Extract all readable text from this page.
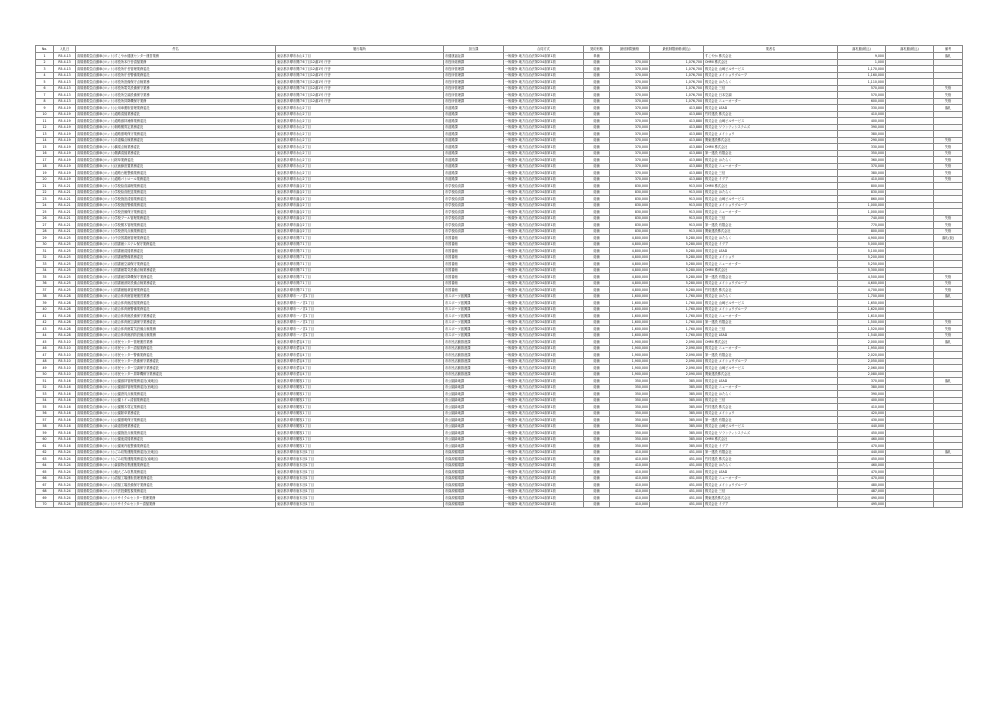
No.	入札日	件名	履行場所	担当課	合同方式	契約形態	最低制限価格	最低制限価格(税込)	業者名	落札額(税込)	落札額(税込)	備考
1	R5.4.13	高規格救急自動車(ヨット)すこやか健康センター運営業務	東京都多摩市永山1丁目	市健康福祉課	一般競争 地方自治法第234条第1項	単価			すこやか 株式会社	9,000		落札
2	R5.4.13	高規格救急自動車(ヨット)市役所本庁舎清掃業務	東京都多摩市関戸6丁目12番1号 庁舎	市役所総務課	一般競争 地方自治法第234条第1項	総価	370,000	1,076,700	OHMI 株式会社	1,000		
3	R5.4.13	高規格救急自動車(ヨット)市役所庁舎管理業務委託	東京都多摩市関戸6丁目12番1号 庁舎	市役所管理課	一般競争 地方自治法第234条第1項	総価	370,000	1,076,700	株式会社 山崎ビルサービス	1,170,000		
4	R5.4.13	高規格救急自動車(ヨット)市役所庁舎警備業務委託	東京都多摩市関戸6丁目12番1号 庁舎	市役所管理課	一般競争 地方自治法第234条第1項	総価	370,000	1,076,700	株式会社 メイショウグループ	1,160,000		
5	R5.4.13	高規格救急自動車(ヨット)市役所設備保守点検業務	東京都多摩市関戸6丁目12番1号 庁舎	市役所管理課	一般競争 地方自治法第234条第1項	総価	370,000	1,076,700	株式会社 はたらく	1,110,000		
6	R5.4.13	高規格救急自動車(ヨット)市役所電気設備保守業務	東京都多摩市関戸6丁目12番1号 庁舎	市役所管理課	一般競争 地方自治法第234条第1項	総価	370,000	1,076,700	株式会社 三信	570,000		失格
7	R5.4.13	高規格救急自動車(ヨット)市役所空調設備保守業務	東京都多摩市関戸6丁目12番1号 庁舎	市役所管理課	一般競争 地方自治法第234条第1項	総価	370,000	1,076,700	株式会社 日本空調	570,000		失格
8	R5.4.13	高規格救急自動車(ヨット)市役所昇降機保守業務	東京都多摩市関戸6丁目12番1号 庁舎	市役所管理課	一般競争 地方自治法第234条第1項	総価	370,000	1,076,700	株式会社 ニューオーター	600,000		失格
9	R5.4.19	高規格救急自動車(ヨット)公用車運転管理業務委託	東京都多摩市永山2丁目	市道路課	一般競争 地方自治法第234条第1項	総価	370,000	413,880	株式会社 LEAD	330,000		落札
10	R5.4.19	高規格救急自動車(ヨット)道路清掃業務委託	東京都多摩市永山2丁目	市道路課	一般競争 地方自治法第234条第1項	総価	370,000	413,880	竹村建設 株式会社	410,000		
11	R5.4.19	高規格救急自動車(ヨット)道路維持補修業務委託	東京都多摩市永山2丁目	市道路課	一般競争 地方自治法第234条第1項	総価	370,000	413,880	株式会社 山崎ビルサービス	400,000		
12	R5.4.19	高規格救急自動車(ヨット)街路樹剪定業務委託	東京都多摩市永山2丁目	市道路課	一般競争 地方自治法第234条第1項	総価	370,000	413,880	株式会社 ワランティシステムズ	390,000		
13	R5.4.19	高規格救急自動車(ヨット)道路照明保守業務委託	東京都多摩市永山2丁目	市道路課	一般競争 地方自治法第234条第1項	総価	370,000	413,880	株式会社 メイショウ	380,000		
14	R5.4.19	高規格救急自動車(ヨット)歩道橋点検業務委託	東京都多摩市永山2丁目	市道路課	一般競争 地方自治法第234条第1項	総価	370,000	413,880	関東建設株式会社	290,000		失格
15	R5.4.19	高規格救急自動車(ヨット)橋梁点検業務委託	東京都多摩市永山2丁目	市道路課	一般競争 地方自治法第234条第1項	総価	370,000	413,880	OHMI 株式会社	330,000		失格
16	R5.4.19	高規格救急自動車(ヨット)側溝清掃業務委託	東京都多摩市永山2丁目	市道路課	一般競争 地方自治法第234条第1項	総価	370,000	413,880	第一建設 有限会社	350,000		失格
17	R5.4.19	高規格救急自動車(ヨット)除草業務委託	東京都多摩市永山2丁目	市道路課	一般競争 地方自治法第234条第1項	総価	370,000	413,880	株式会社 はたらく	360,000		失格
18	R5.4.19	高規格救急自動車(ヨット)区画線設置業務委託	東京都多摩市永山2丁目	市道路課	一般競争 地方自治法第234条第1項	総価	370,000	413,880	株式会社 ニューオーター	370,000		失格
19	R5.4.19	高規格救急自動車(ヨット)道路台帳整備業務委託	東京都多摩市永山2丁目	市道路課	一般競争 地方自治法第234条第1項	総価	370,000	413,880	株式会社 三信	380,000		失格
20	R5.4.19	高規格救急自動車(ヨット)道路パトロール業務委託	東京都多摩市永山2丁目	市道路課	一般競争 地方自治法第234条第1項	総価	370,000	413,880	株式会社 イデア	410,000		失格
21	R5.4.21	高規格救急自動車(ヨット)学校給食調理業務委託	東京都多摩市落合2丁目	市学校給食課	一般競争 地方自治法第234条第1項	総価	830,000	913,000	OHMI 株式会社	800,000		
22	R5.4.21	高規格救急自動車(ヨット)学校給食配送業務委託	東京都多摩市落合2丁目	市学校給食課	一般競争 地方自治法第234条第1項	総価	830,000	913,000	株式会社 はたらく	830,000		
23	R5.4.21	高規格救急自動車(ヨット)学校施設清掃業務委託	東京都多摩市落合2丁目	市学校給食課	一般競争 地方自治法第234条第1項	総価	830,000	913,000	株式会社 山崎ビルサービス	860,000		
24	R5.4.21	高規格救急自動車(ヨット)学校施設警備業務委託	東京都多摩市落合2丁目	市学校給食課	一般競争 地方自治法第234条第1項	総価	830,000	913,000	株式会社 メイショウグループ	1,000,000		
25	R5.4.21	高規格救急自動車(ヨット)学校設備保守業務委託	東京都多摩市落合2丁目	市学校給食課	一般競争 地方自治法第234条第1項	総価	830,000	913,000	株式会社 ニューオーター	1,000,000		
26	R5.4.21	高規格救急自動車(ヨット)学校プール管理業務委託	東京都多摩市落合2丁目	市学校給食課	一般競争 地方自治法第234条第1項	総価	830,000	913,000	株式会社 三信	740,000		失格
27	R5.4.21	高規格救急自動車(ヨット)学校樹木管理業務委託	東京都多摩市落合2丁目	市学校給食課	一般競争 地方自治法第234条第1項	総価	830,000	913,000	第一建設 有限会社	770,000		失格
28	R5.4.21	高規格救急自動車(ヨット)学校遊具点検業務委託	東京都多摩市落合2丁目	市学校給食課	一般競争 地方自治法第234条第1項	総価	830,000	913,000	関東建設株式会社	800,000		失格
29	R5.4.25	高規格救急自動車(ヨット)中央図書館管理業務委託	東京都多摩市関戸1丁目	市図書館	一般競争 地方自治法第234条第1項	総価	4,800,000	5,280,000	株式会社 はたらく	4,900,000		落札(仮)
30	R5.4.25	高規格救急自動車(ヨット)図書館システム保守業務委託	東京都多摩市関戸1丁目	市図書館	一般競争 地方自治法第234条第1項	総価	4,800,000	5,280,000	株式会社 イデア	5,000,000		
31	R5.4.25	高規格救急自動車(ヨット)図書館清掃業務委託	東京都多摩市関戸1丁目	市図書館	一般競争 地方自治法第234条第1項	総価	4,800,000	5,280,000	株式会社 LEAD	5,100,000		
32	R5.4.25	高規格救急自動車(ヨット)図書館警備業務委託	東京都多摩市関戸1丁目	市図書館	一般競争 地方自治法第234条第1項	総価	4,800,000	5,280,000	株式会社 メイショウ	5,200,000		
33	R5.4.25	高規格救急自動車(ヨット)図書館空調保守業務委託	東京都多摩市関戸1丁目	市図書館	一般競争 地方自治法第234条第1項	総価	4,800,000	5,280,000	株式会社 ニューオーター	5,250,000		
34	R5.4.25	高規格救急自動車(ヨット)図書館電気設備点検業務委託	東京都多摩市関戸1丁目	市図書館	一般競争 地方自治法第234条第1項	総価	4,800,000	5,280,000	OHMI 株式会社	5,300,000		
35	R5.4.25	高規格救急自動車(ヨット)図書館昇降機保守業務委託	東京都多摩市関戸1丁目	市図書館	一般競争 地方自治法第234条第1項	総価	4,800,000	5,280,000	第一建設 有限会社	4,500,000		失格
36	R5.4.25	高規格救急自動車(ヨット)図書館消防設備点検業務委託	東京都多摩市関戸1丁目	市図書館	一般競争 地方自治法第234条第1項	総価	4,800,000	5,280,000	株式会社 メイショウグループ	4,600,000		失格
37	R5.4.25	高規格救急自動車(ヨット)図書館植栽管理業務委託	東京都多摩市関戸1丁目	市図書館	一般競争 地方自治法第234条第1項	総価	4,800,000	5,280,000	竹村建設 株式会社	4,700,000		失格
38	R5.4.28	高規格救急自動車(ヨット)総合体育館管理運営業務	東京都多摩市一ノ宮1丁目	市スポーツ振興課	一般競争 地方自治法第234条第1項	総価	1,600,000	1,760,000	株式会社 はたらく	1,700,000		落札
39	R5.4.28	高規格救急自動車(ヨット)総合体育館清掃業務委託	東京都多摩市一ノ宮1丁目	市スポーツ振興課	一般競争 地方自治法第234条第1項	総価	1,600,000	1,760,000	株式会社 山崎ビルサービス	1,650,000		
40	R5.4.28	高規格救急自動車(ヨット)総合体育館警備業務委託	東京都多摩市一ノ宮1丁目	市スポーツ振興課	一般競争 地方自治法第234条第1項	総価	1,600,000	1,760,000	株式会社 メイショウグループ	1,620,000		
41	R5.4.28	高規格救急自動車(ヨット)総合体育館設備保守業務委託	東京都多摩市一ノ宮1丁目	市スポーツ振興課	一般競争 地方自治法第234条第1項	総価	1,600,000	1,760,000	株式会社 ニューオーター	1,610,000		
42	R5.4.28	高規格救急自動車(ヨット)総合体育館空調保守業務委託	東京都多摩市一ノ宮1丁目	市スポーツ振興課	一般競争 地方自治法第234条第1項	総価	1,600,000	1,760,000	第一建設 有限会社	1,500,000		失格
43	R5.4.28	高規格救急自動車(ヨット)総合体育館電気設備点検業務	東京都多摩市一ノ宮1丁目	市スポーツ振興課	一般競争 地方自治法第234条第1項	総価	1,600,000	1,760,000	株式会社 三信	1,520,000		失格
44	R5.4.28	高規格救急自動車(ヨット)総合体育館消防設備点検業務	東京都多摩市一ノ宮1丁目	市スポーツ振興課	一般競争 地方自治法第234条第1項	総価	1,600,000	1,760,000	株式会社 LEAD	1,540,000		失格
45	R5.5.10	高規格救急自動車(ヨット)市民センター管理運営業務	東京都多摩市愛宕4丁目	市市民活動推進課	一般競争 地方自治法第234条第1項	総価	1,900,000	2,090,000	OHMI 株式会社	2,000,000		落札
46	R5.5.10	高規格救急自動車(ヨット)市民センター清掃業務委託	東京都多摩市愛宕4丁目	市市民活動推進課	一般競争 地方自治法第234条第1項	総価	1,900,000	2,090,000	株式会社 ニューオーター	1,950,000		
47	R5.5.10	高規格救急自動車(ヨット)市民センター警備業務委託	東京都多摩市愛宕4丁目	市市民活動推進課	一般競争 地方自治法第234条第1項	総価	1,900,000	2,090,000	第一建設 有限会社	2,020,000		
48	R5.5.10	高規格救急自動車(ヨット)市民センター設備保守業務委託	東京都多摩市愛宕4丁目	市市民活動推進課	一般競争 地方自治法第234条第1項	総価	1,900,000	2,090,000	株式会社 メイショウグループ	2,050,000		
49	R5.5.10	高規格救急自動車(ヨット)市民センター空調保守業務委託	東京都多摩市愛宕4丁目	市市民活動推進課	一般競争 地方自治法第234条第1項	総価	1,900,000	2,090,000	株式会社 山崎ビルサービス	2,060,000		
50	R5.5.10	高規格救急自動車(ヨット)市民センター昇降機保守業務委託	東京都多摩市愛宕4丁目	市市民活動推進課	一般競争 地方自治法第234条第1項	総価	1,900,000	2,090,000	関東建設株式会社	2,080,000		
51	R5.5.16	高規格救急自動車(ヨット)公園維持管理業務委託(東地区)	東京都多摩市鶴牧1丁目	市公園緑地課	一般競争 地方自治法第234条第1項	総価	350,000	385,000	株式会社 LEAD	370,000		落札
52	R5.5.16	高規格救急自動車(ヨット)公園維持管理業務委託(西地区)	東京都多摩市鶴牧1丁目	市公園緑地課	一般競争 地方自治法第234条第1項	総価	350,000	385,000	株式会社 ニューオーター	380,000		
53	R5.5.16	高規格救急自動車(ヨット)公園遊具点検業務委託	東京都多摩市鶴牧1丁目	市公園緑地課	一般競争 地方自治法第234条第1項	総価	350,000	385,000	株式会社 はたらく	390,000		
54	R5.5.16	高規格救急自動車(ヨット)公園トイレ清掃業務委託	東京都多摩市鶴牧1丁目	市公園緑地課	一般競争 地方自治法第234条第1項	総価	350,000	385,000	株式会社 三信	400,000		
55	R5.5.16	高規格救急自動車(ヨット)公園樹木剪定業務委託	東京都多摩市鶴牧1丁目	市公園緑地課	一般競争 地方自治法第234条第1項	総価	350,000	385,000	竹村建設 株式会社	410,000		
56	R5.5.16	高規格救急自動車(ヨット)公園除草業務委託	東京都多摩市鶴牧1丁目	市公園緑地課	一般競争 地方自治法第234条第1項	総価	350,000	385,000	株式会社 メイショウ	420,000		
57	R5.5.16	高規格救急自動車(ヨット)公園照明保守業務委託	東京都多摩市鶴牧1丁目	市公園緑地課	一般競争 地方自治法第234条第1項	総価	350,000	385,000	第一建設 有限会社	430,000		
58	R5.5.16	高規格救急自動車(ヨット)緑道管理業務委託	東京都多摩市鶴牧1丁目	市公園緑地課	一般競争 地方自治法第234条第1項	総価	350,000	385,000	株式会社 山崎ビルサービス	440,000		
59	R5.5.16	高規格救急自動車(ヨット)公園施設点検業務委託	東京都多摩市鶴牧1丁目	市公園緑地課	一般競争 地方自治法第234条第1項	総価	350,000	385,000	株式会社 ワランティシステムズ	450,000		
60	R5.5.16	高規格救急自動車(ヨット)公園池清掃業務委託	東京都多摩市鶴牧1丁目	市公園緑地課	一般競争 地方自治法第234条第1項	総価	350,000	385,000	OHMI 株式会社	460,000		
61	R5.5.16	高規格救急自動車(ヨット)公園案内板整備業務委託	東京都多摩市鶴牧1丁目	市公園緑地課	一般競争 地方自治法第234条第1項	総価	350,000	385,000	株式会社 イデア	470,000		
62	R5.5.24	高規格救急自動車(ヨット)ごみ収集運搬業務委託(北地区)	東京都多摩市唐木田1丁目	市資源循環課	一般競争 地方自治法第234条第1項	総価	410,000	451,000	第一建設 有限会社	440,000		落札
63	R5.5.24	高規格救急自動車(ヨット)ごみ収集運搬業務委託(南地区)	東京都多摩市唐木田1丁目	市資源循環課	一般競争 地方自治法第234条第1項	総価	410,000	451,000	竹村建設 株式会社	450,000		
64	R5.5.24	高規格救急自動車(ヨット)資源物収集運搬業務委託	東京都多摩市唐木田1丁目	市資源循環課	一般競争 地方自治法第234条第1項	総価	410,000	451,000	株式会社 はたらく	460,000		
65	R5.5.24	高規格救急自動車(ヨット)粗大ごみ収集業務委託	東京都多摩市唐木田1丁目	市資源循環課	一般競争 地方自治法第234条第1項	総価	410,000	451,000	株式会社 LEAD	470,000		
66	R5.5.24	高規格救急自動車(ヨット)清掃工場運転管理業務委託	東京都多摩市唐木田1丁目	市資源循環課	一般競争 地方自治法第234条第1項	総価	410,000	451,000	株式会社 ニューオーター	470,000		
67	R5.5.24	高規格救急自動車(ヨット)清掃工場設備保守業務委託	東京都多摩市唐木田1丁目	市資源循環課	一般競争 地方自治法第234条第1項	総価	410,000	451,000	株式会社 メイショウグループ	480,000		
68	R5.5.24	高規格救急自動車(ヨット)不法投棄監視業務委託	東京都多摩市唐木田1丁目	市資源循環課	一般競争 地方自治法第234条第1項	総価	410,000	451,000	株式会社 三信	487,000		
69	R5.5.24	高規格救急自動車(ヨット)リサイクルセンター管理業務	東京都多摩市唐木田1丁目	市資源循環課	一般競争 地方自治法第234条第1項	総価	410,000	451,000	関東建設株式会社	490,000		
70	R5.5.24	高規格救急自動車(ヨット)リサイクルセンター清掃業務	東京都多摩市唐木田1丁目	市資源循環課	一般競争 地方自治法第234条第1項	総価	410,000	451,000	株式会社 イデア	495,000		
